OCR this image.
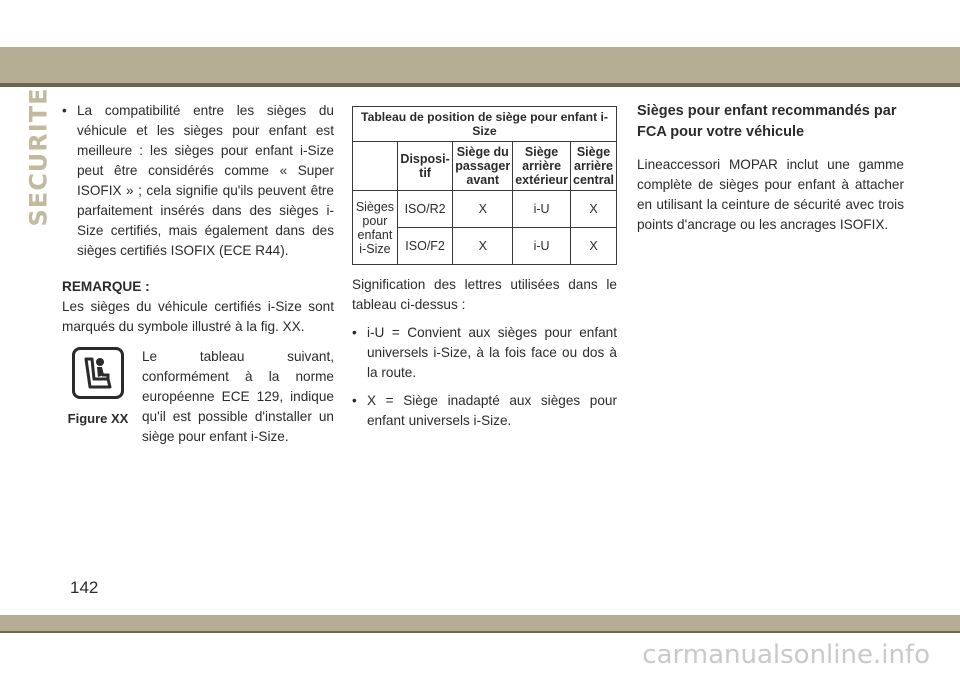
SECURITE	• La compatibilité entre les sièges du véhicule et les sièges pour enfant est meilleure : les sièges pour enfant i-Size peut être considérés comme « Super ISOFIX » ; cela signifie qu'ils peuvent être parfaitement insérés dans des sièges i-Size certifiés, mais également dans des sièges certifiés ISOFIX (ECE R44).

REMARQUE :

Les sièges du véhicule certifiés i-Size sont marqués du symbole illustré à la fig. XX.

Figure XX
Le tableau suivant, conformément à la norme européenne ECE 129, indique qu'il est possible d'installer un siège pour enfant i-Size.
Tableau de position de siège pour enfant i-Size				
	Disposi-tif	Siège du passager avant	Siège arrière extérieur	Siège arrière central
Sièges pour enfant i-Size	ISO/R2	X	i-U	X
	ISO/F2	X	i-U	X

Signification des lettres utilisées dans le tableau ci-dessus :

• i-U = Convient aux sièges pour enfant universels i-Size, à la fois face ou dos à la route.

• X = Siège inadapté aux sièges pour enfant universels i-Size.

Sièges pour enfant recommandés par FCA pour votre véhicule

Lineaccessori MOPAR inclut une gamme complète de sièges pour enfant à attacher en utilisant la ceinture de sécurité avec trois points d'ancrage ou les ancrages ISOFIX.

142
carmanualsonline.info
